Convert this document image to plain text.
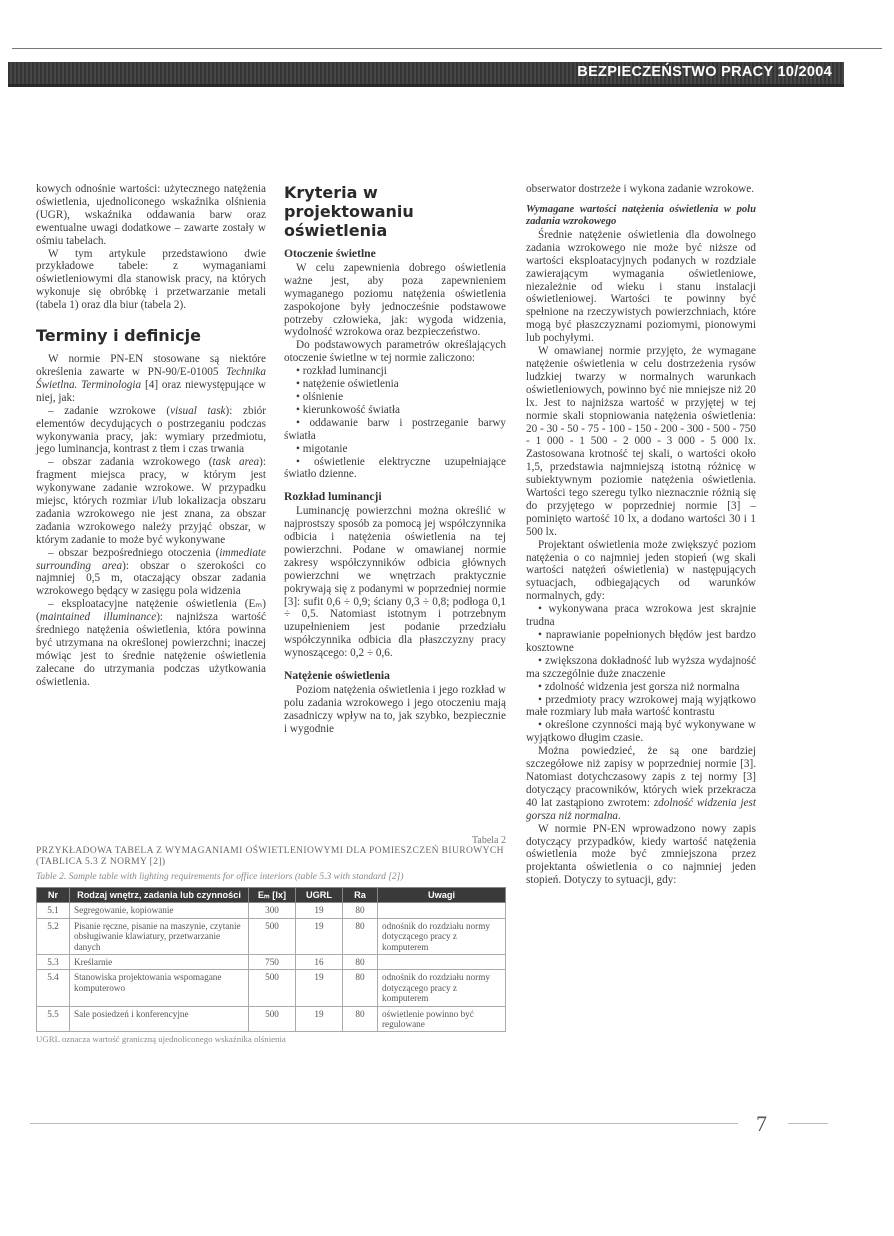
BEZPIECZEŃSTWO PRACY 10/2004

kowych odnośnie wartości: użytecznego natężenia oświetlenia, ujednoliconego wskaźnika olśnienia (UGR), wskaźnika oddawania barw oraz ewentualne uwagi dodatkowe – zawarte zostały w ośmiu tabelach.

W tym artykule przedstawiono dwie przykładowe tabele: z wymaganiami oświetleniowymi dla stanowisk pracy, na których wykonuje się obróbkę i przetwarzanie metali (tabela 1) oraz dla biur (tabela 2).

Terminy i definicje

W normie PN-EN stosowane są niektóre określenia zawarte w PN-90/E-01005 Technika Świetlna. Terminologia [4] oraz niewystępujące w niej, jak:

– zadanie wzrokowe (visual task): zbiór elementów decydujących o postrzeganiu podczas wykonywania pracy, jak: wymiary przedmiotu, jego luminancja, kontrast z tłem i czas trwania

– obszar zadania wzrokowego (task area): fragment miejsca pracy, w którym jest wykonywane zadanie wzrokowe. W przypadku miejsc, których rozmiar i/lub lokalizacja obszaru zadania wzrokowego nie jest znana, za obszar zadania wzrokowego należy przyjąć obszar, w którym zadanie to może być wykonywane

– obszar bezpośredniego otoczenia (immediate surrounding area): obszar o szerokości co najmniej 0,5 m, otaczający obszar zadania wzrokowego będący w zasięgu pola widzenia

– eksploatacyjne natężenie oświetlenia (Eₘ) (maintained illuminance): najniższa wartość średniego natężenia oświetlenia, która powinna być utrzymana na określonej powierzchni; inaczej mówiąc jest to średnie natężenie oświetlenia zalecane do utrzymania podczas użytkowania oświetlenia.

Kryteria w projektowaniu oświetlenia
Otoczenie świetlne

W celu zapewnienia dobrego oświetlenia ważne jest, aby poza zapewnieniem wymaganego poziomu natężenia oświetlenia zaspokojone były jednocześnie podstawowe potrzeby człowieka, jak: wygoda widzenia, wydolność wzrokowa oraz bezpieczeństwo.

Do podstawowych parametrów określających otoczenie świetlne w tej normie zaliczono:

• rozkład luminancji

• natężenie oświetlenia

• olśnienie

• kierunkowość światła

• oddawanie barw i postrzeganie barwy światła

• migotanie

• oświetlenie elektryczne uzupełniające światło dzienne.

Rozkład luminancji

Luminancję powierzchni można określić w najprostszy sposób za pomocą jej współczynnika odbicia i natężenia oświetlenia na tej powierzchni. Podane w omawianej normie zakresy współczynników odbicia głównych powierzchni we wnętrzach praktycznie pokrywają się z podanymi w poprzedniej normie [3]: sufit 0,6 ÷ 0,9; ściany 0,3 ÷ 0,8; podłoga 0,1 ÷ 0,5. Natomiast istotnym i potrzebnym uzupełnieniem jest podanie przedziału współczynnika odbicia dla płaszczyzny pracy wynoszącego: 0,2 ÷ 0,6.

Natężenie oświetlenia

Poziom natężenia oświetlenia i jego rozkład w polu zadania wzrokowego i jego otoczeniu mają zasadniczy wpływ na to, jak szybko, bezpiecznie i wygodnie

obserwator dostrzeże i wykona zadanie wzrokowe.

Wymagane wartości natężenia oświetlenia w polu zadania wzrokowego

Średnie natężenie oświetlenia dla dowolnego zadania wzrokowego nie może być niższe od wartości eksploatacyjnych podanych w rozdziale zawierającym wymagania oświetleniowe, niezależnie od wieku i stanu instalacji oświetleniowej. Wartości te powinny być spełnione na rzeczywistych powierzchniach, które mogą być płaszczyznami poziomymi, pionowymi lub pochyłymi.

W omawianej normie przyjęto, że wymagane natężenie oświetlenia w celu dostrzeżenia rysów ludzkiej twarzy w normalnych warunkach oświetleniowych, powinno być nie mniejsze niż 20 lx. Jest to najniższa wartość w przyjętej w tej normie skali stopniowania natężenia oświetlenia: 20 - 30 - 50 - 75 - 100 - 150 - 200 - 300 - 500 - 750 - 1 000 - 1 500 - 2 000 - 3 000 - 5 000 lx. Zastosowana krotność tej skali, o wartości około 1,5, przedstawia najmniejszą istotną różnicę w subiektywnym poziomie natężenia oświetlenia. Wartości tego szeregu tylko nieznacznie różnią się do przyjętego w poprzedniej normie [3] – pominięto wartość 10 lx, a dodano wartości 30 i 1 500 lx.

Projektant oświetlenia może zwiększyć poziom natężenia o co najmniej jeden stopień (wg skali wartości natężeń oświetlenia) w następujących sytuacjach, odbiegających od warunków normalnych, gdy:

• wykonywana praca wzrokowa jest skrajnie trudna

• naprawianie popełnionych błędów jest bardzo kosztowne

• zwiększona dokładność lub wyższa wydajność ma szczególnie duże znaczenie

• zdolność widzenia jest gorsza niż normalna

• przedmioty pracy wzrokowej mają wyjątkowo małe rozmiary lub mała wartość kontrastu

• określone czynności mają być wykonywane w wyjątkowo długim czasie.

Można powiedzieć, że są one bardziej szczegółowe niż zapisy w poprzedniej normie [3]. Natomiast dotychczasowy zapis z tej normy [3] dotyczący pracowników, których wiek przekracza 40 lat zastąpiono zwrotem: zdolność widzenia jest gorsza niż normalna.

W normie PN-EN wprowadzono nowy zapis dotyczący przypadków, kiedy wartość natężenia oświetlenia może być zmniejszona przez projektanta oświetlenia o co najmniej jeden stopień. Dotyczy to sytuacji, gdy:

Tabela 2
PRZYKŁADOWA TABELA Z WYMAGANIAMI OŚWIETLENIOWYMI DLA POMIESZCZEŃ BIUROWYCH (TABLICA 5.3 Z NORMY [2])
Table 2. Sample table with lighting requirements for office interiors (table 5.3 with standard [2])
Nr	Rodzaj wnętrz, zadania lub czynności	Eₘ [lx]	UGRL	Ra	Uwagi
5.1	Segregowanie, kopiowanie	300	19	80	
5.2	Pisanie ręczne, pisanie na maszynie, czytanie obsługiwanie klawiatury, przetwarzanie danych	500	19	80	odnośnik do rozdziału normy dotyczącego pracy z komputerem
5.3	Kreślarnie	750	16	80	
5.4	Stanowiska projektowania wspomagane komputerowo	500	19	80	odnośnik do rozdziału normy dotyczącego pracy z komputerem
5.5	Sale posiedzeń i konferencyjne	500	19	80	oświetlenie powinno być regulowane
UGRL oznacza wartość graniczną ujednoliconego wskaźnika olśnienia
7
